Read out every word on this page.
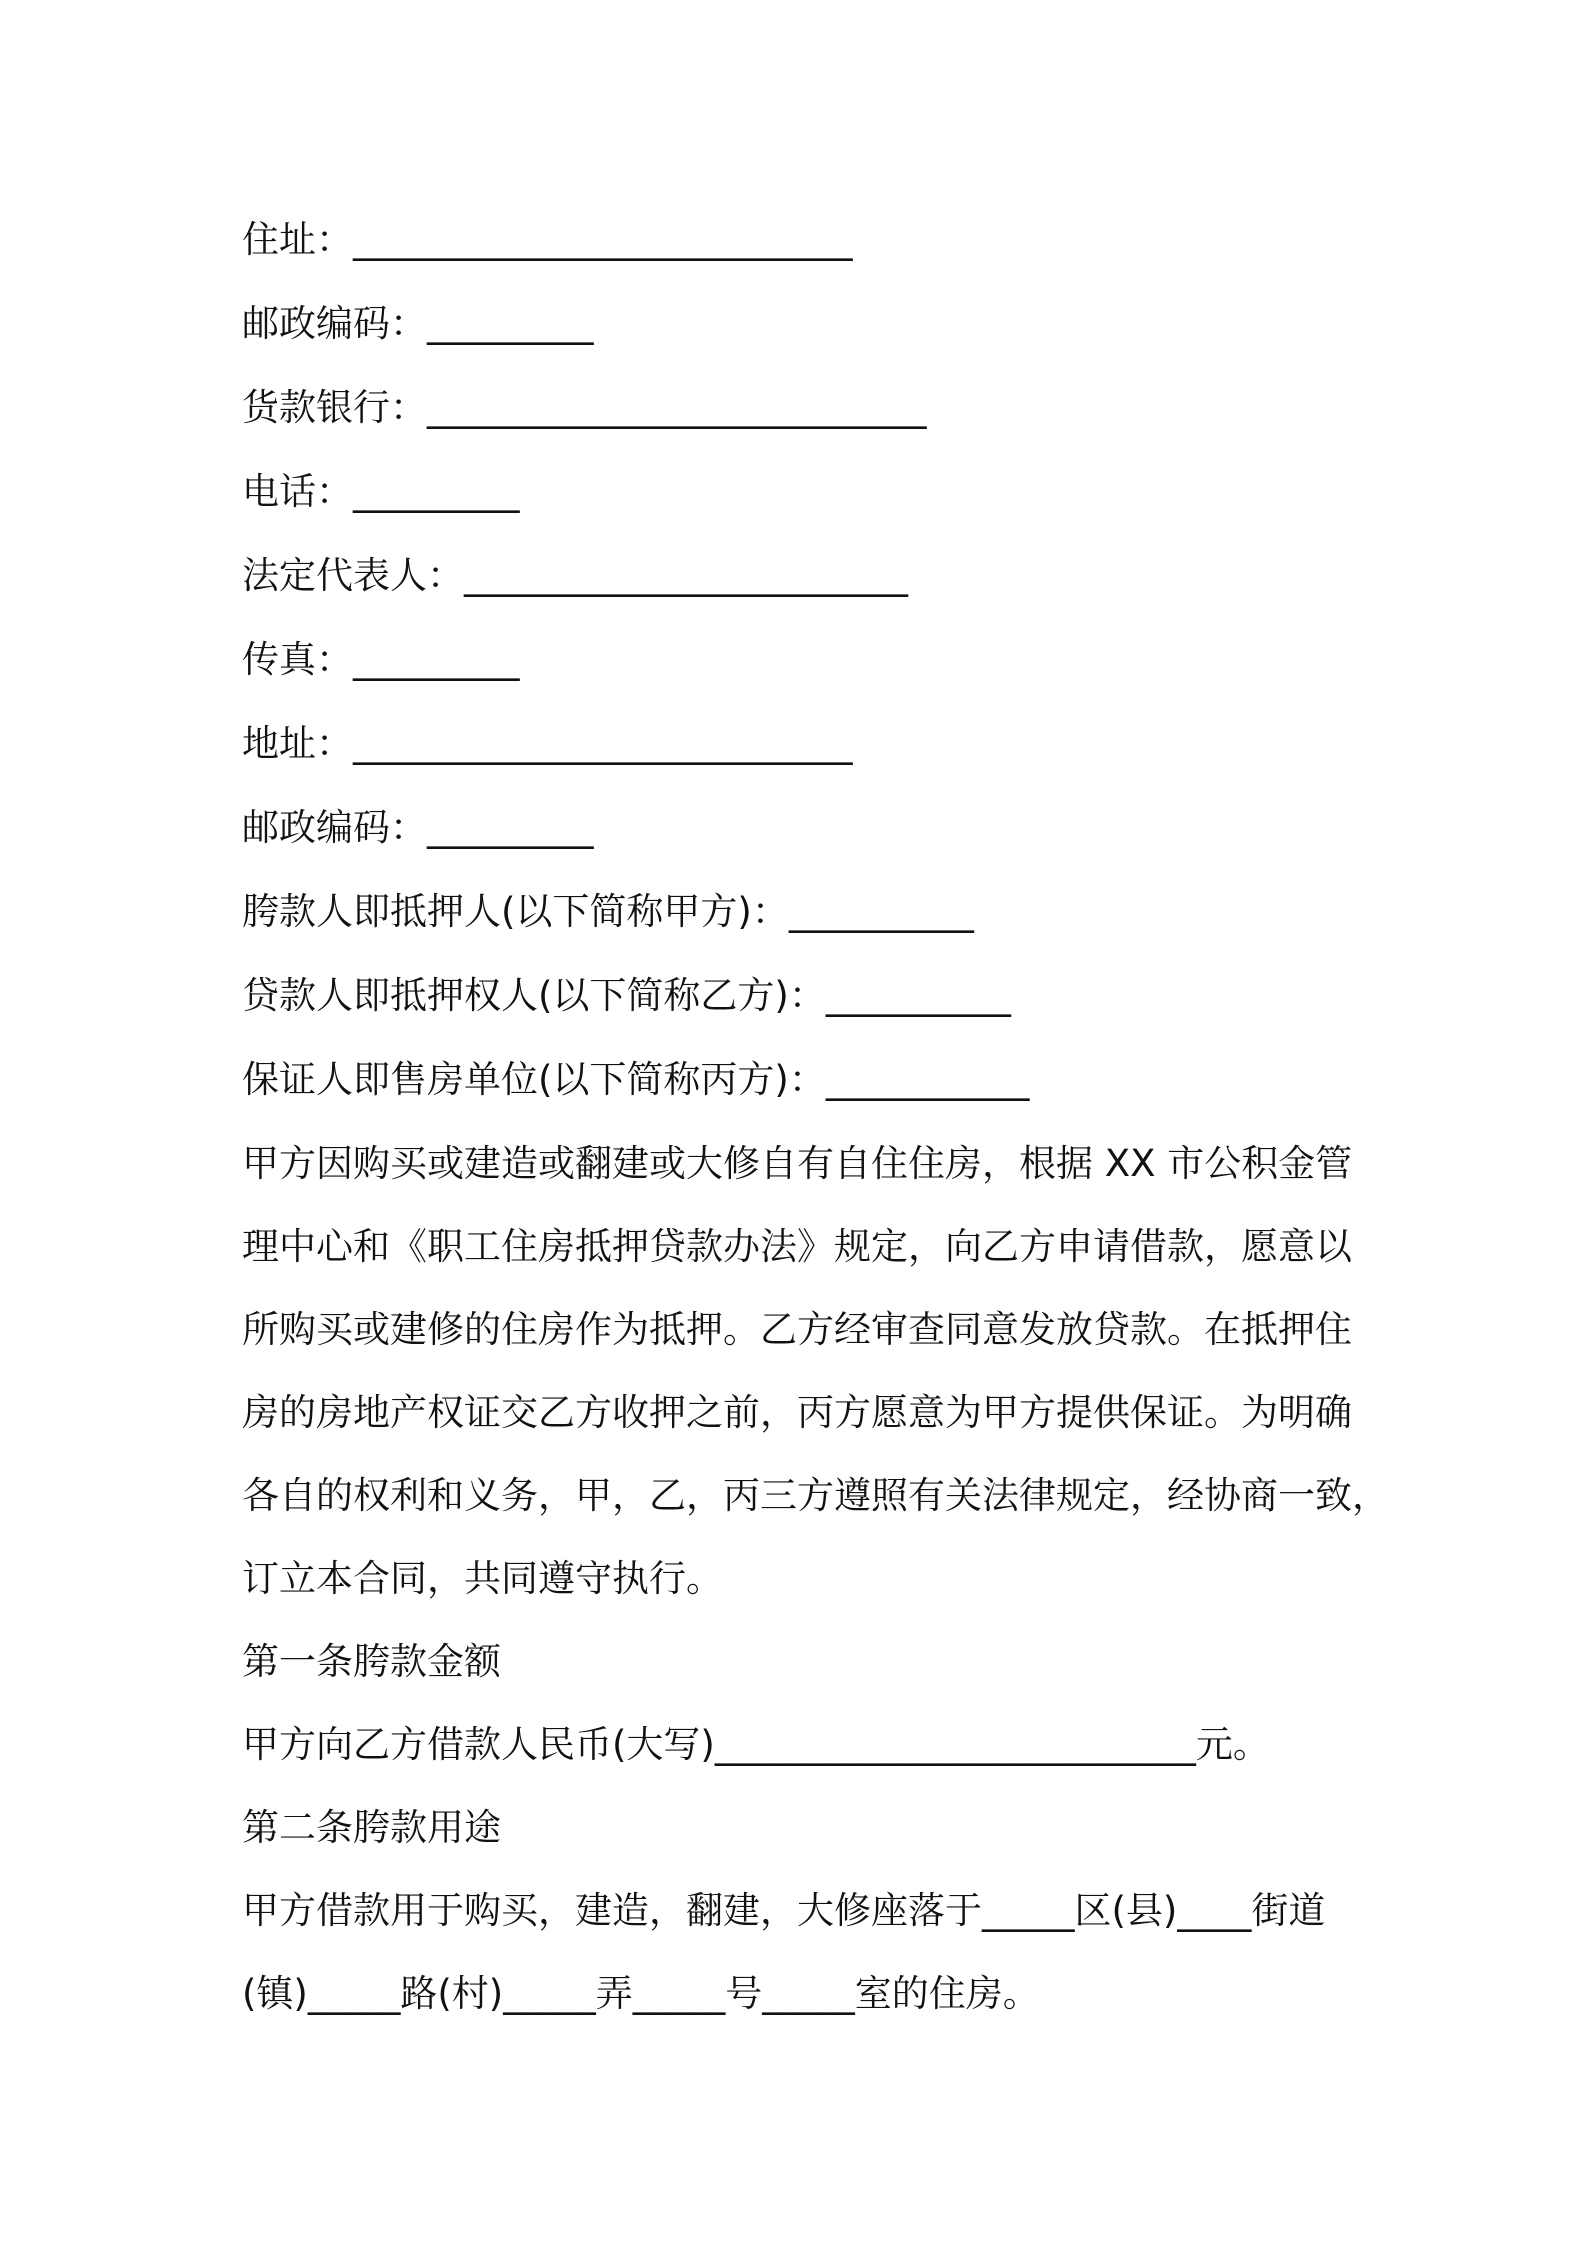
住址：___________________________
邮政编码：_________
货款银行：___________________________
电话：_________
法定代表人：________________________
传真：_________
地址：___________________________
邮政编码：_________
胯款人即抵押人(以下简称甲方)：__________
贷款人即抵押权人(以下简称乙方)：__________
保证人即售房单位(以下简称丙方)：___________
甲方因购买或建造或翻建或大修自有自住住房，根据 XX 市公积金管
理中心和《职工住房抵押贷款办法》规定，向乙方申请借款，愿意以
所购买或建修的住房作为抵押。乙方经审查同意发放贷款。在抵押住
房的房地产权证交乙方收押之前，丙方愿意为甲方提供保证。为明确
各自的权利和义务，甲，乙，丙三方遵照有关法律规定，经协商一致，
订立本合同，共同遵守执行。
第一条胯款金额
甲方向乙方借款人民币(大写)__________________________元。
第二条胯款用途
甲方借款用于购买，建造，翻建，大修座落于_____区(县)____街道
(镇)_____路(村)_____弄_____号_____室的住房。
